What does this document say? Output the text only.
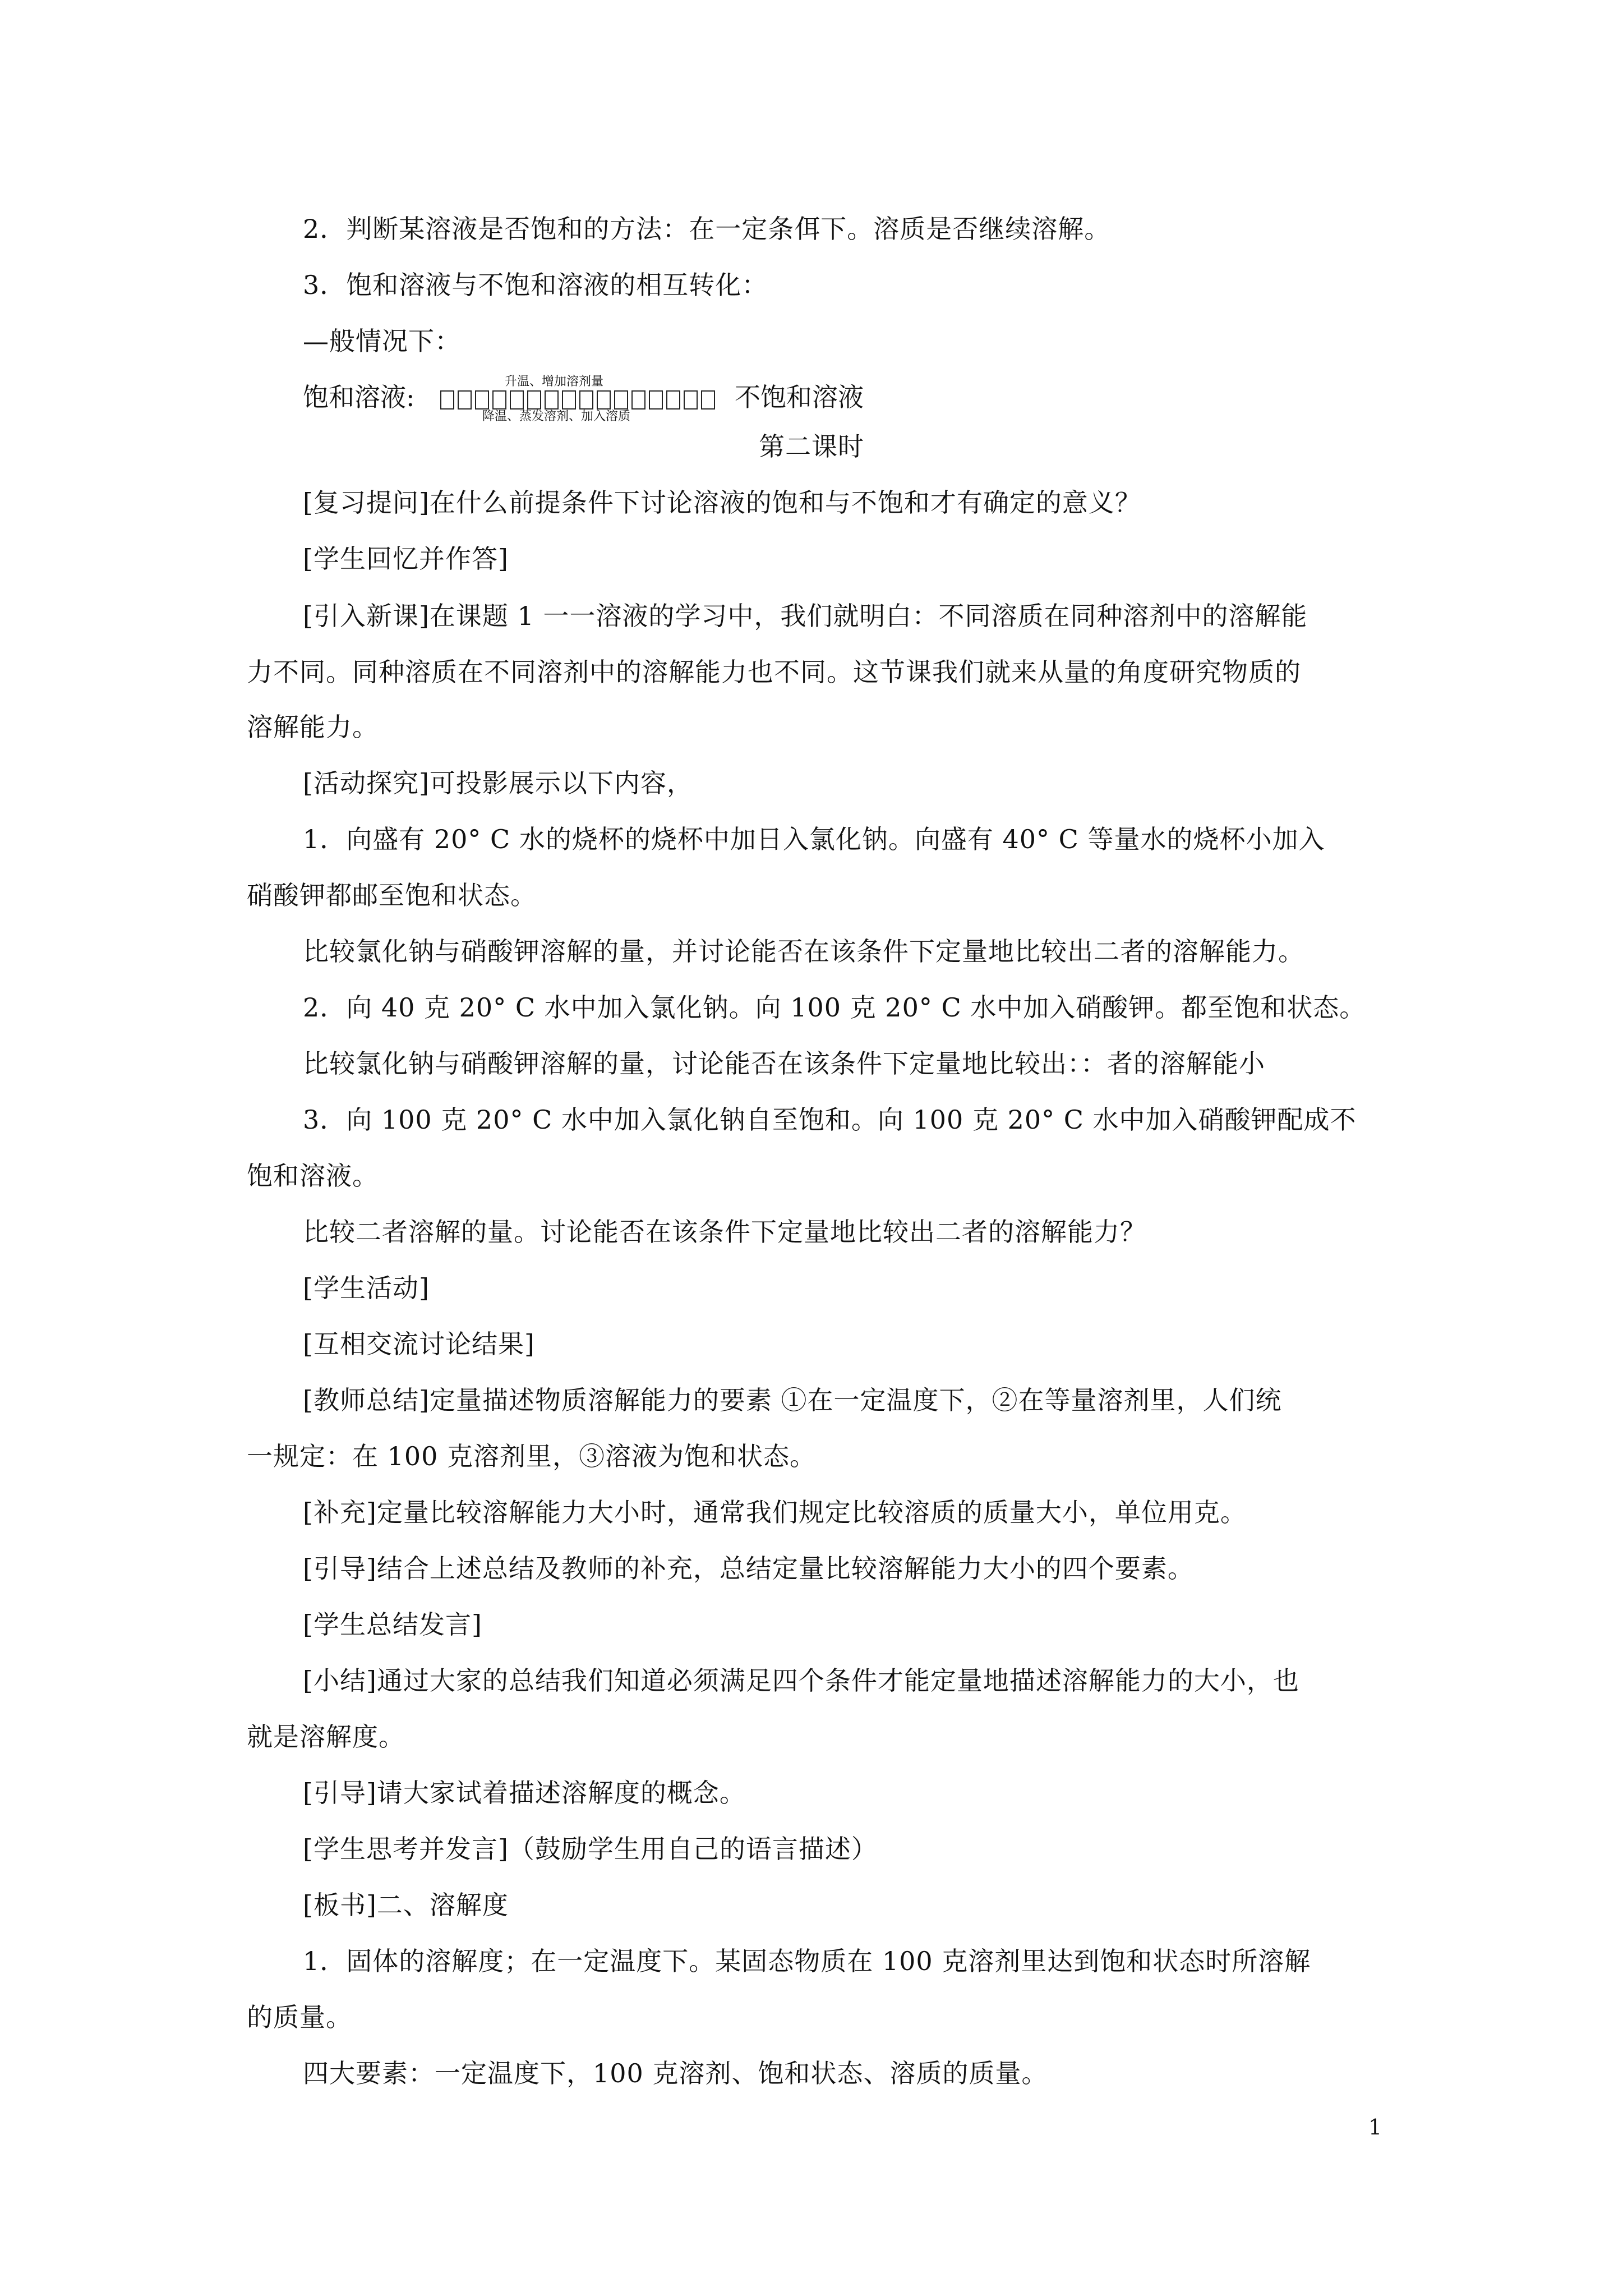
2．判断某溶液是否饱和的方法：在一定条佴下。溶质是否继续溶解。
3．饱和溶液与不饱和溶液的相互转化：
—般情况下：
饱和溶液:
升温、增加溶剂量
降温、蒸发溶剂、加入溶质
不饱和溶液
第二课时
[复习提问]在什么前提条件下讨论溶液的饱和与不饱和才有确定的意义？
[学生回忆并作答]
[引入新课]在课题 1 一一溶液的学习中，我们就明白：不同溶质在同种溶剂中的溶解能
力不同。同种溶质在不同溶剂中的溶解能力也不同。这节课我们就来从量的角度研究物质的
溶解能力。
[活动探究]可投影展示以下内容，
1．向盛有 20° C 水的烧杯的烧杯中加日入氯化钠。向盛有 40° C 等量水的烧杯小加入
硝酸钾都邮至饱和状态。
比较氯化钠与硝酸钾溶解的量，并讨论能否在该条件下定量地比较出二者的溶解能力。
2．向 40 克 20° C 水中加入氯化钠。向 100 克 20° C 水中加入硝酸钾。都至饱和状态。
比较氯化钠与硝酸钾溶解的量，讨论能否在该条件下定量地比较出：：者的溶解能小
3．向 100 克 20° C 水中加入氯化钠自至饱和。向 100 克 20° C 水中加入硝酸钾配成不
饱和溶液。
比较二者溶解的量。讨论能否在该条件下定量地比较出二者的溶解能力？
[学生活动]
[互相交流讨论结果]
[教师总结]定量描述物质溶解能力的要素 ①在一定温度下，②在等量溶剂里，人们统
一规定：在 100 克溶剂里，③溶液为饱和状态。
[补充]定量比较溶解能力大小时，通常我们规定比较溶质的质量大小，单位用克。
[引导]结合上述总结及教师的补充，总结定量比较溶解能力大小的四个要素。
[学生总结发言]
[小结]通过大家的总结我们知道必须满足四个条件才能定量地描述溶解能力的大小，也
就是溶解度。
[引导]请大家试着描述溶解度的概念。
[学生思考并发言]（鼓励学生用自己的语言描述）
[板书]二、溶解度
1．固体的溶解度；在一定温度下。某固态物质在 100 克溶剂里达到饱和状态时所溶解
的质量。
四大要素：一定温度下，100 克溶剂、饱和状态、溶质的质量。
1
